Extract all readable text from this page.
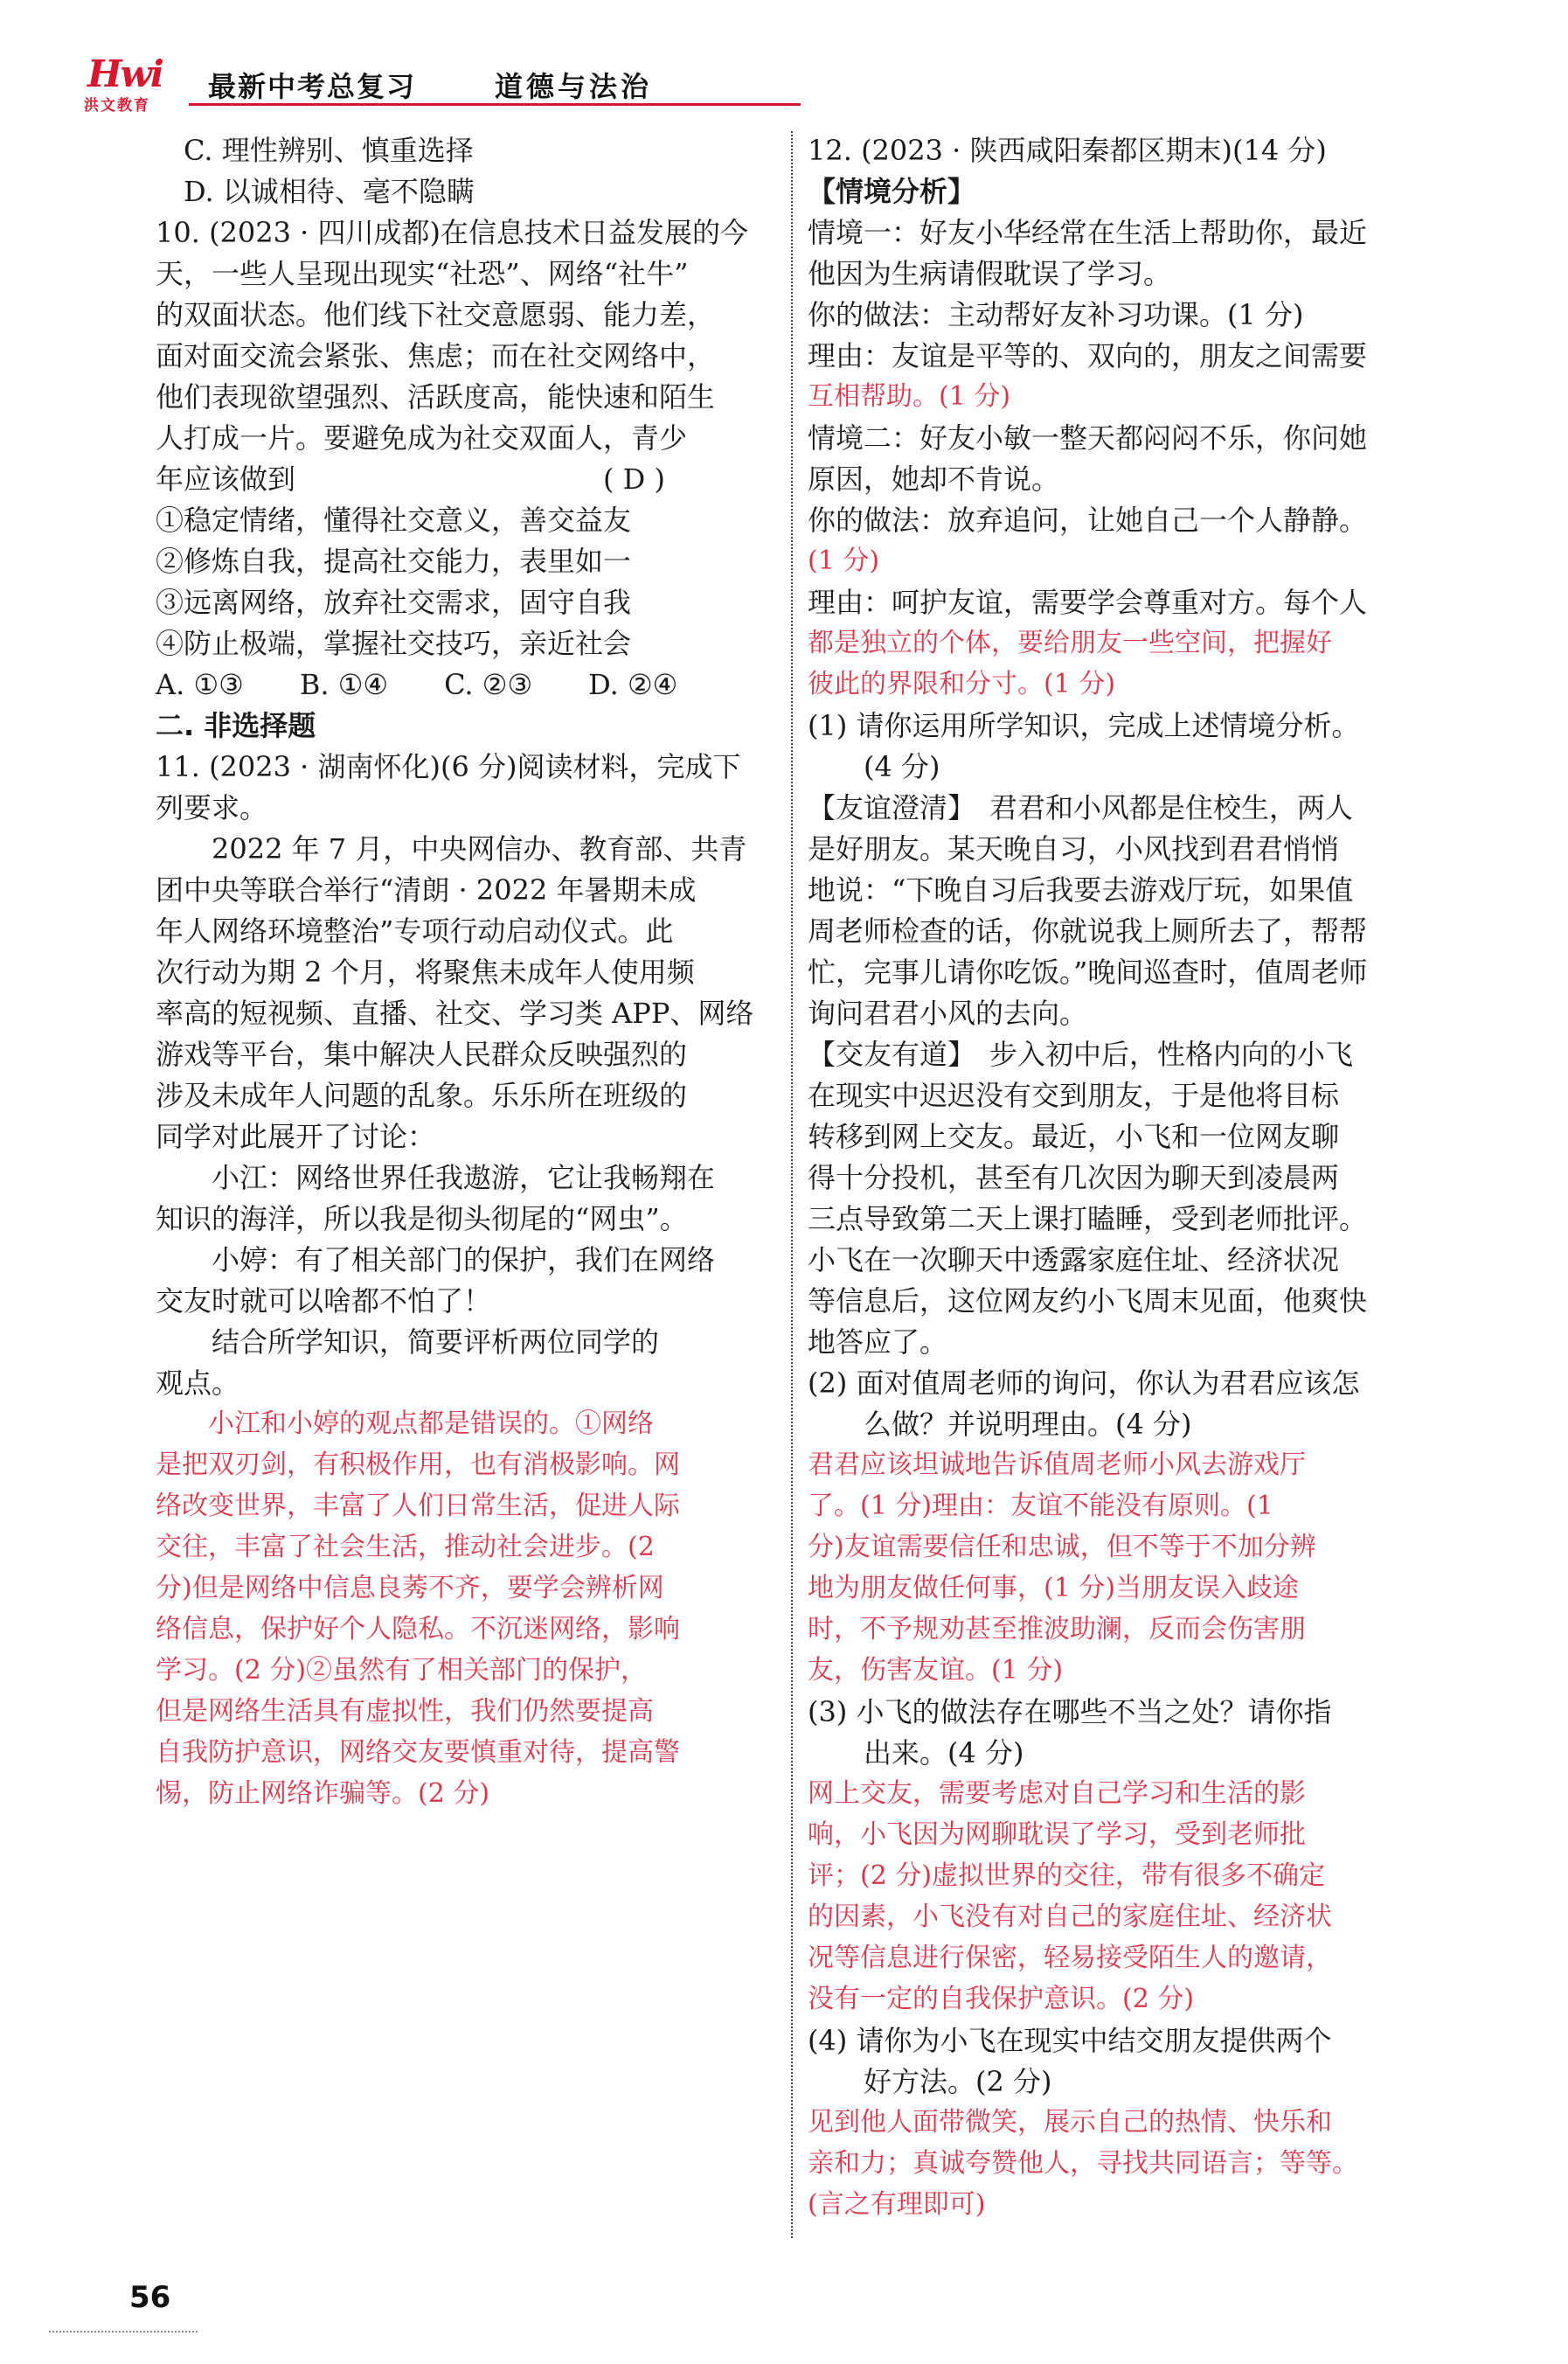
Hwi
洪文教育
最新中考总复习	道德与法治
　C. 理性辨别、慎重选择
　D. 以诚相待、毫不隐瞒
10. (2023 · 四川成都)在信息技术日益发展的今
天，一些人呈现出现实“社恐”、网络“社牛”
的双面状态。他们线下社交意愿弱、能力差，
面对面交流会紧张、焦虑；而在社交网络中，
他们表现欲望强烈、活跃度高，能快速和陌生
人打成一片。要避免成为社交双面人，青少
年应该做到　　　　　　　　　　　( D )
①稳定情绪，懂得社交意义，善交益友
②修炼自我，提高社交能力，表里如一
③远离网络，放弃社交需求，固守自我
④防止极端，掌握社交技巧，亲近社会
A. ①③　　B. ①④　　C. ②③　　D. ②④
二. 非选择题
11. (2023 · 湖南怀化)(6 分)阅读材料，完成下
列要求。
　　2022 年 7 月，中央网信办、教育部、共青
团中央等联合举行“清朗 · 2022 年暑期未成
年人网络环境整治”专项行动启动仪式。此
次行动为期 2 个月，将聚焦未成年人使用频
率高的短视频、直播、社交、学习类 APP、网络
游戏等平台，集中解决人民群众反映强烈的
涉及未成年人问题的乱象。乐乐所在班级的
同学对此展开了讨论：
　　小江：网络世界任我遨游，它让我畅翔在
知识的海洋，所以我是彻头彻尾的“网虫”。
　　小婷：有了相关部门的保护，我们在网络
交友时就可以啥都不怕了！
　　结合所学知识，简要评析两位同学的
观点。
　　小江和小婷的观点都是错误的。①网络
是把双刃剑，有积极作用，也有消极影响。网
络改变世界，丰富了人们日常生活，促进人际
交往，丰富了社会生活，推动社会进步。(2
分)但是网络中信息良莠不齐，要学会辨析网
络信息，保护好个人隐私。不沉迷网络，影响
学习。(2 分)②虽然有了相关部门的保护，
但是网络生活具有虚拟性，我们仍然要提高
自我防护意识，网络交友要慎重对待，提高警
惕，防止网络诈骗等。(2 分)
12. (2023 · 陕西咸阳秦都区期末)(14 分)
【情境分析】
情境一：好友小华经常在生活上帮助你，最近
他因为生病请假耽误了学习。
你的做法：主动帮好友补习功课。(1 分)
理由：友谊是平等的、双向的，朋友之间需要
互相帮助。(1 分)
情境二：好友小敏一整天都闷闷不乐，你问她
原因，她却不肯说。
你的做法：放弃追问，让她自己一个人静静。
(1 分)
理由：呵护友谊，需要学会尊重对方。每个人
都是独立的个体，要给朋友一些空间，把握好
彼此的界限和分寸。(1 分)
(1) 请你运用所学知识，完成上述情境分析。
　　(4 分)
【友谊澄清】　君君和小风都是住校生，两人
是好朋友。某天晚自习，小风找到君君悄悄
地说：“下晚自习后我要去游戏厅玩，如果值
周老师检查的话，你就说我上厕所去了，帮帮
忙，完事儿请你吃饭。”晚间巡查时，值周老师
询问君君小风的去向。
【交友有道】　步入初中后，性格内向的小飞
在现实中迟迟没有交到朋友，于是他将目标
转移到网上交友。最近，小飞和一位网友聊
得十分投机，甚至有几次因为聊天到凌晨两
三点导致第二天上课打瞌睡，受到老师批评。
小飞在一次聊天中透露家庭住址、经济状况
等信息后，这位网友约小飞周末见面，他爽快
地答应了。
(2) 面对值周老师的询问，你认为君君应该怎
　　么做？并说明理由。(4 分)
君君应该坦诚地告诉值周老师小风去游戏厅
了。(1 分)理由：友谊不能没有原则。(1
分)友谊需要信任和忠诚，但不等于不加分辨
地为朋友做任何事，(1 分)当朋友误入歧途
时，不予规劝甚至推波助澜，反而会伤害朋
友，伤害友谊。(1 分)
(3) 小飞的做法存在哪些不当之处？请你指
　　出来。(4 分)
网上交友，需要考虑对自己学习和生活的影
响，小飞因为网聊耽误了学习，受到老师批
评；(2 分)虚拟世界的交往，带有很多不确定
的因素，小飞没有对自己的家庭住址、经济状
况等信息进行保密，轻易接受陌生人的邀请，
没有一定的自我保护意识。(2 分)
(4) 请你为小飞在现实中结交朋友提供两个
　　好方法。(2 分)
见到他人面带微笑，展示自己的热情、快乐和
亲和力；真诚夸赞他人，寻找共同语言；等等。
(言之有理即可)
56
